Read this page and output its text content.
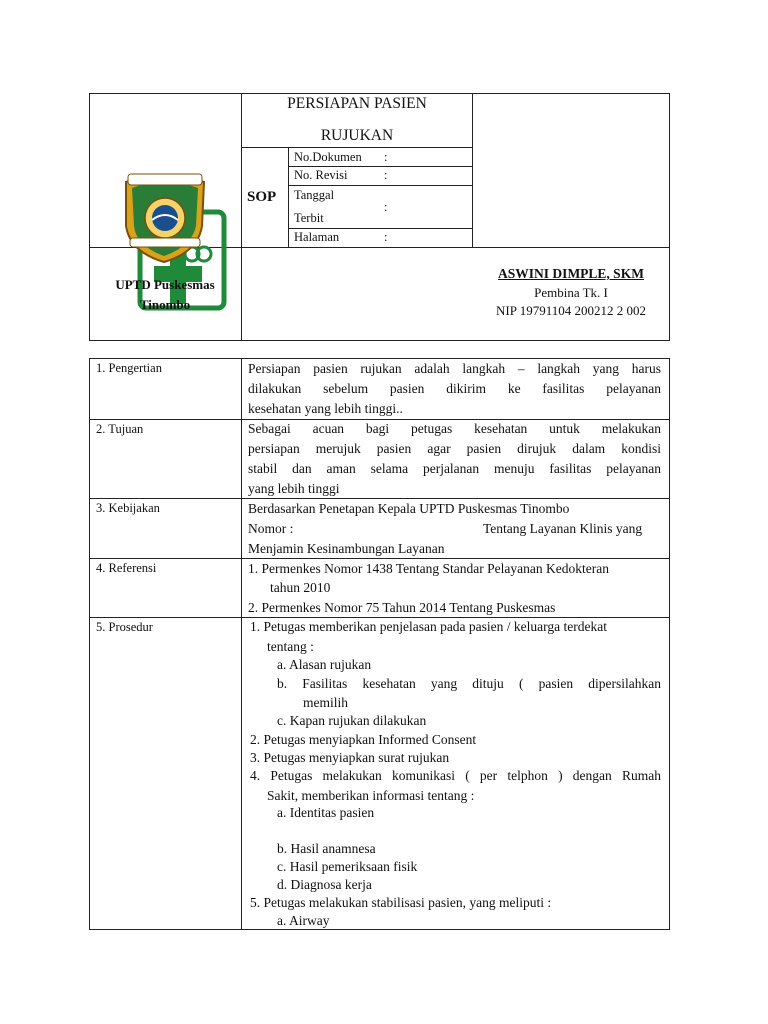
PERSIAPAN PASIEN
RUJUKAN
SOP
No.Dokumen :
No. Revisi	:
Tanggal
Terbit
:
Halaman	:
UPTD Puskesmas
Tinombo
ASWINI DIMPLE, SKM
Pembina Tk. I
NIP 19791104 200212 2 002
1. Pengertian	Persiapan pasien rujukan adalah langkah – langkah yang harus
dilakukan sebelum pasien dikirim ke fasilitas pelayanan
kesehatan yang lebih tinggi..
2. Tujuan	Sebagai acuan bagi petugas kesehatan untuk melakukan
persiapan merujuk pasien agar pasien dirujuk dalam kondisi
stabil dan aman selama perjalanan menuju fasilitas pelayanan
yang lebih tinggi
3. Kebijakan	Berdasarkan Penetapan Kepala UPTD Puskesmas Tinombo
Nomor :	Tentang Layanan Klinis yang
Menjamin Kesinambungan Layanan
4. Referensi	1. Permenkes Nomor 1438 Tentang Standar Pelayanan Kedokteran
tahun 2010
2. Permenkes Nomor 75 Tahun 2014 Tentang Puskesmas
5. Prosedur	1. Petugas memberikan penjelasan pada pasien / keluarga terdekat
tentang :
a. Alasan rujukan
b. Fasilitas kesehatan yang dituju ( pasien dipersilahkan
memilih
c. Kapan rujukan dilakukan
2. Petugas menyiapkan Informed Consent
3. Petugas menyiapkan surat rujukan
4. Petugas melakukan komunikasi ( per telphon ) dengan Rumah
Sakit, memberikan informasi tentang :
a. Identitas pasien
b. Hasil anamnesa
c. Hasil pemeriksaan fisik
d. Diagnosa kerja
5. Petugas melakukan stabilisasi pasien, yang meliputi :
a. Airway
